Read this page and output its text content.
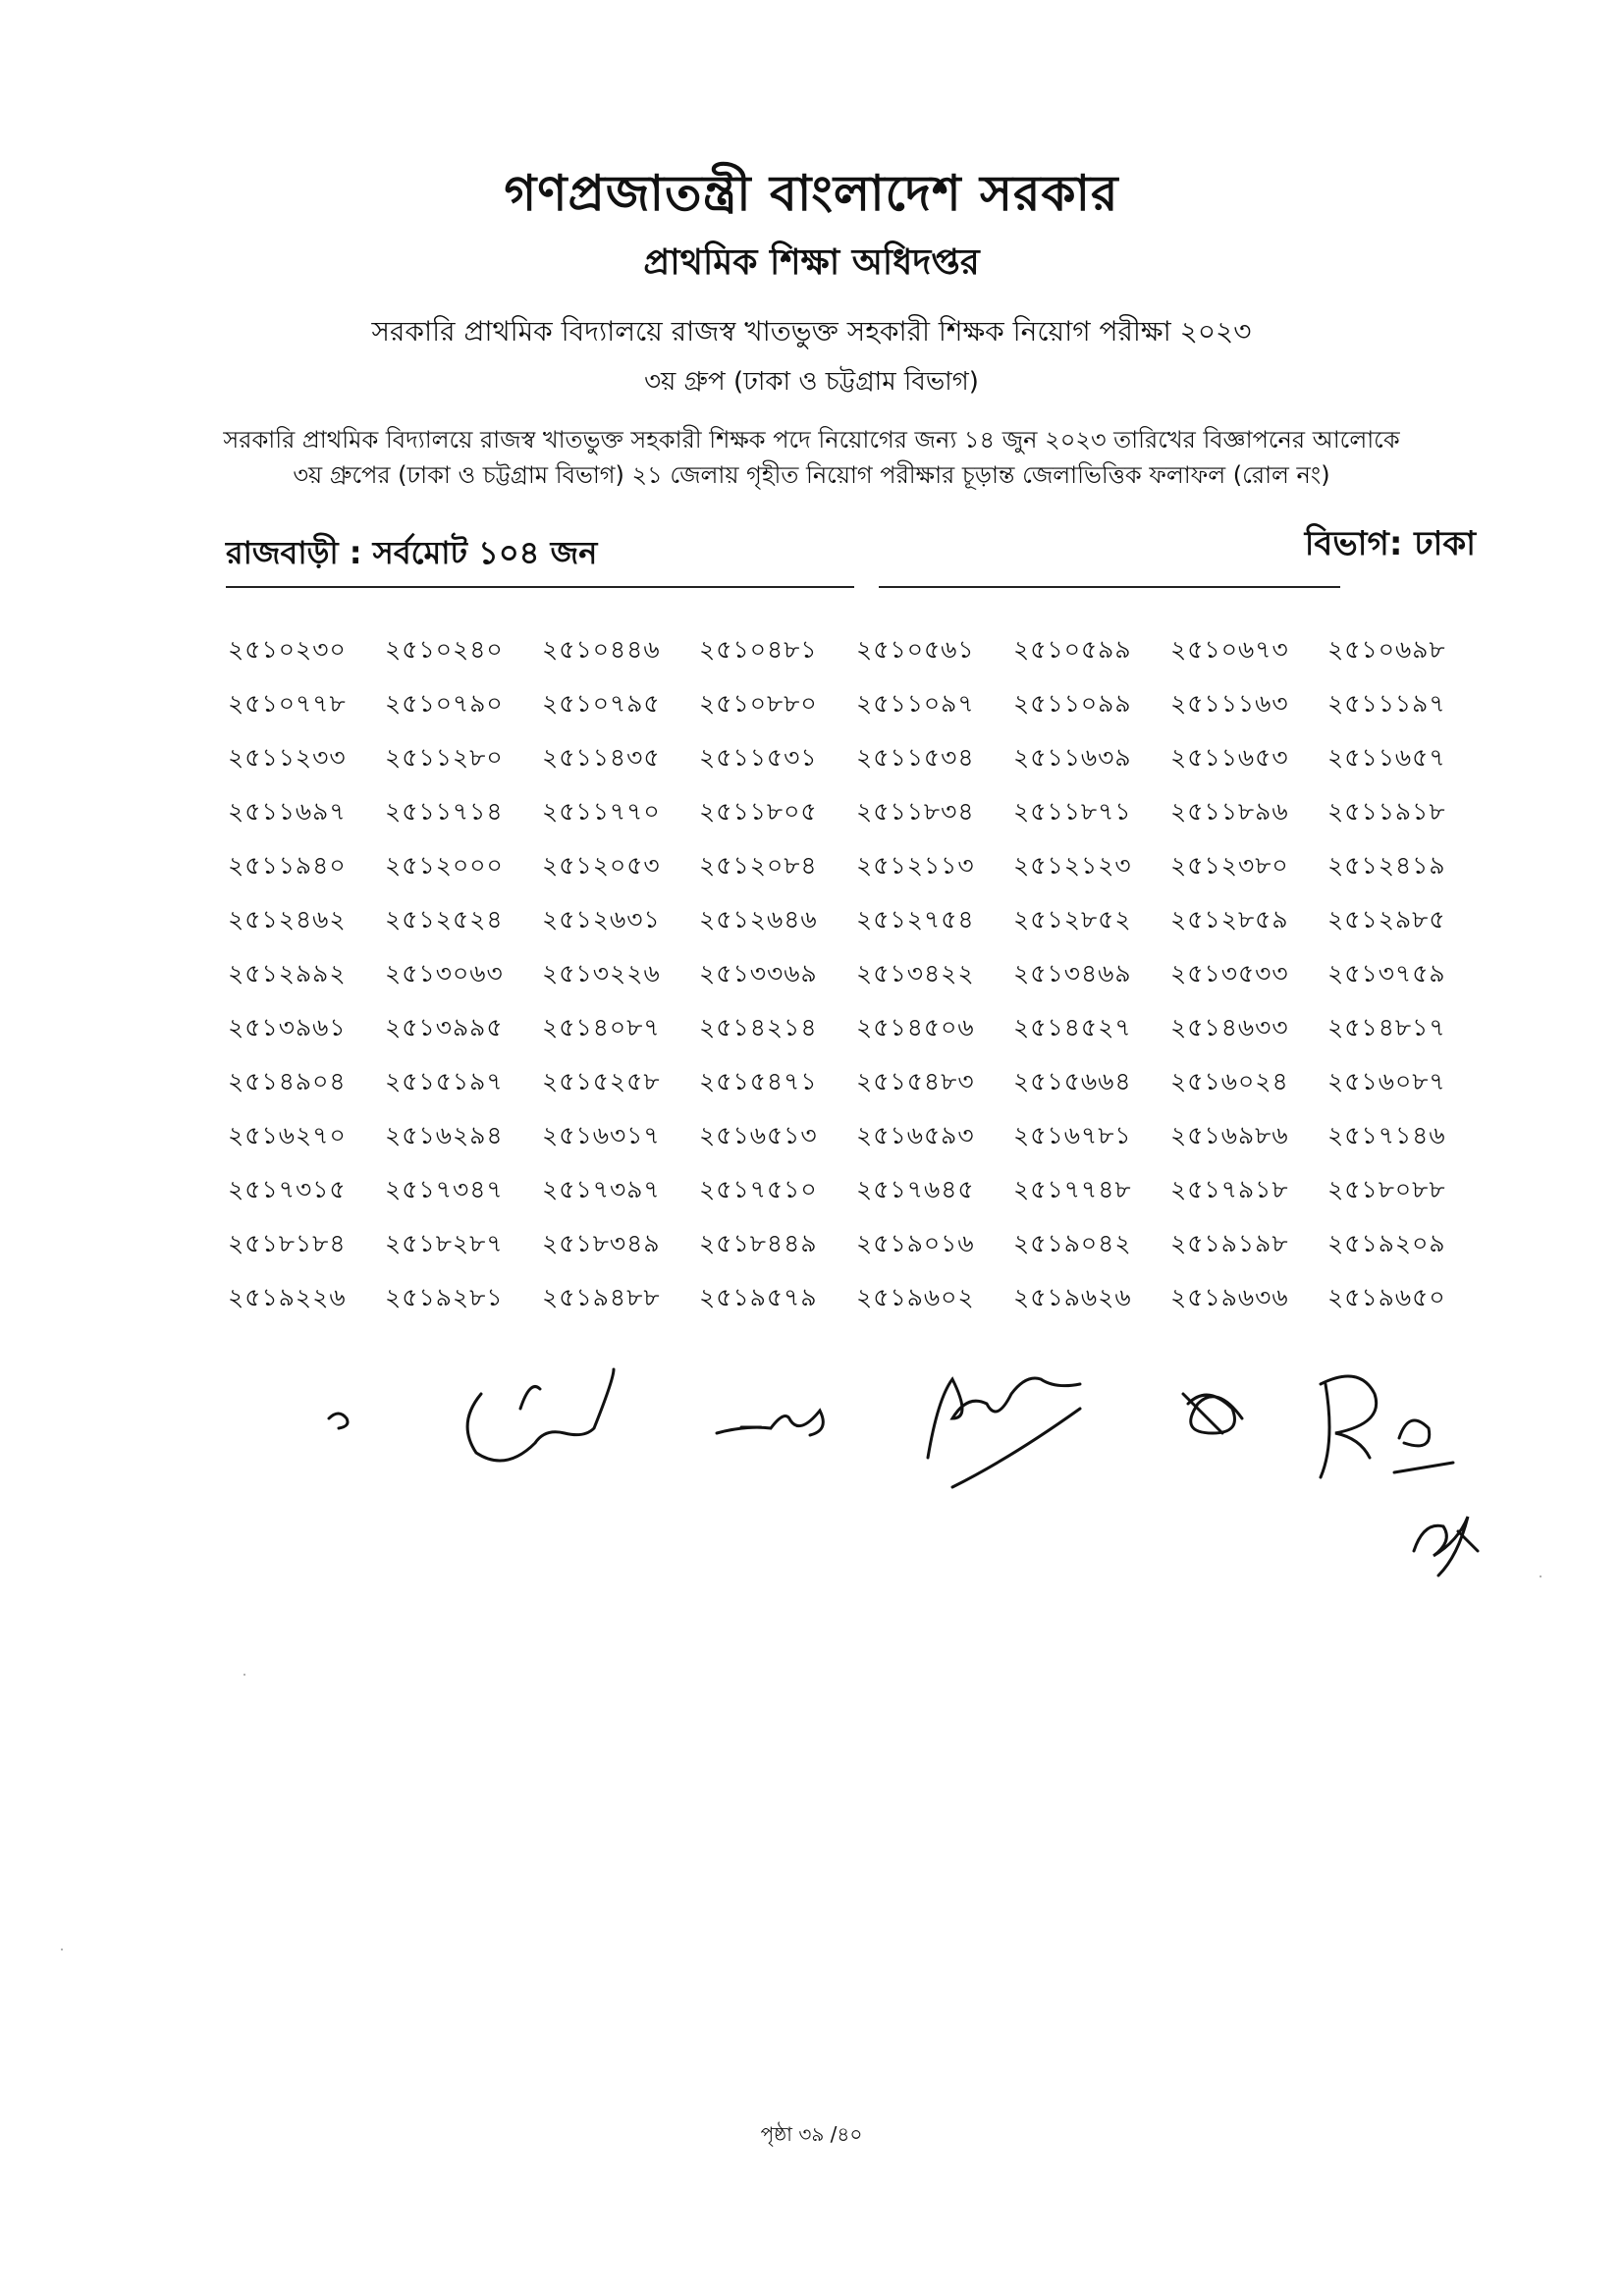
গণপ্রজাতন্ত্রী বাংলাদেশ সরকার
প্রাথমিক শিক্ষা অধিদপ্তর
সরকারি প্রাথমিক বিদ্যালয়ে রাজস্ব খাতভুক্ত সহকারী শিক্ষক নিয়োগ পরীক্ষা ২০২৩
৩য় গ্রুপ (ঢাকা ও চট্টগ্রাম বিভাগ)
সরকারি প্রাথমিক বিদ্যালয়ে রাজস্ব খাতভুক্ত সহকারী শিক্ষক পদে নিয়োগের জন্য ১৪ জুন ২০২৩ তারিখের বিজ্ঞাপনের আলোকে
৩য় গ্রুপের (ঢাকা ও চট্টগ্রাম বিভাগ) ২১ জেলায় গৃহীত নিয়োগ পরীক্ষার চূড়ান্ত জেলাভিত্তিক ফলাফল (রোল নং)
রাজবাড়ী : সর্বমোট ১০৪ জন	বিভাগ: ঢাকা
২৫১০২৩০	২৫১০২৪০	২৫১০৪৪৬	২৫১০৪৮১	২৫১০৫৬১	২৫১০৫৯৯	২৫১০৬৭৩	২৫১০৬৯৮
২৫১০৭৭৮	২৫১০৭৯০	২৫১০৭৯৫	২৫১০৮৮০	২৫১১০৯৭	২৫১১০৯৯	২৫১১১৬৩	২৫১১১৯৭
২৫১১২৩৩	২৫১১২৮০	২৫১১৪৩৫	২৫১১৫৩১	২৫১১৫৩৪	২৫১১৬৩৯	২৫১১৬৫৩	২৫১১৬৫৭
২৫১১৬৯৭	২৫১১৭১৪	২৫১১৭৭০	২৫১১৮০৫	২৫১১৮৩৪	২৫১১৮৭১	২৫১১৮৯৬	২৫১১৯১৮
২৫১১৯৪০	২৫১২০০০	২৫১২০৫৩	২৫১২০৮৪	২৫১২১১৩	২৫১২১২৩	২৫১২৩৮০	২৫১২৪১৯
২৫১২৪৬২	২৫১২৫২৪	২৫১২৬৩১	২৫১২৬৪৬	২৫১২৭৫৪	২৫১২৮৫২	২৫১২৮৫৯	২৫১২৯৮৫
২৫১২৯৯২	২৫১৩০৬৩	২৫১৩২২৬	২৫১৩৩৬৯	২৫১৩৪২২	২৫১৩৪৬৯	২৫১৩৫৩৩	২৫১৩৭৫৯
২৫১৩৯৬১	২৫১৩৯৯৫	২৫১৪০৮৭	২৫১৪২১৪	২৫১৪৫০৬	২৫১৪৫২৭	২৫১৪৬৩৩	২৫১৪৮১৭
২৫১৪৯০৪	২৫১৫১৯৭	২৫১৫২৫৮	২৫১৫৪৭১	২৫১৫৪৮৩	২৫১৫৬৬৪	২৫১৬০২৪	২৫১৬০৮৭
২৫১৬২৭০	২৫১৬২৯৪	২৫১৬৩১৭	২৫১৬৫১৩	২৫১৬৫৯৩	২৫১৬৭৮১	২৫১৬৯৮৬	২৫১৭১৪৬
২৫১৭৩১৫	২৫১৭৩৪৭	২৫১৭৩৯৭	২৫১৭৫১০	২৫১৭৬৪৫	২৫১৭৭৪৮	২৫১৭৯১৮	২৫১৮০৮৮
২৫১৮১৮৪	২৫১৮২৮৭	২৫১৮৩৪৯	২৫১৮৪৪৯	২৫১৯০১৬	২৫১৯০৪২	২৫১৯১৯৮	২৫১৯২০৯
২৫১৯২২৬	২৫১৯২৮১	২৫১৯৪৮৮	২৫১৯৫৭৯	২৫১৯৬০২	২৫১৯৬২৬	২৫১৯৬৩৬	২৫১৯৬৫০
পৃষ্ঠা ৩৯ /৪০
